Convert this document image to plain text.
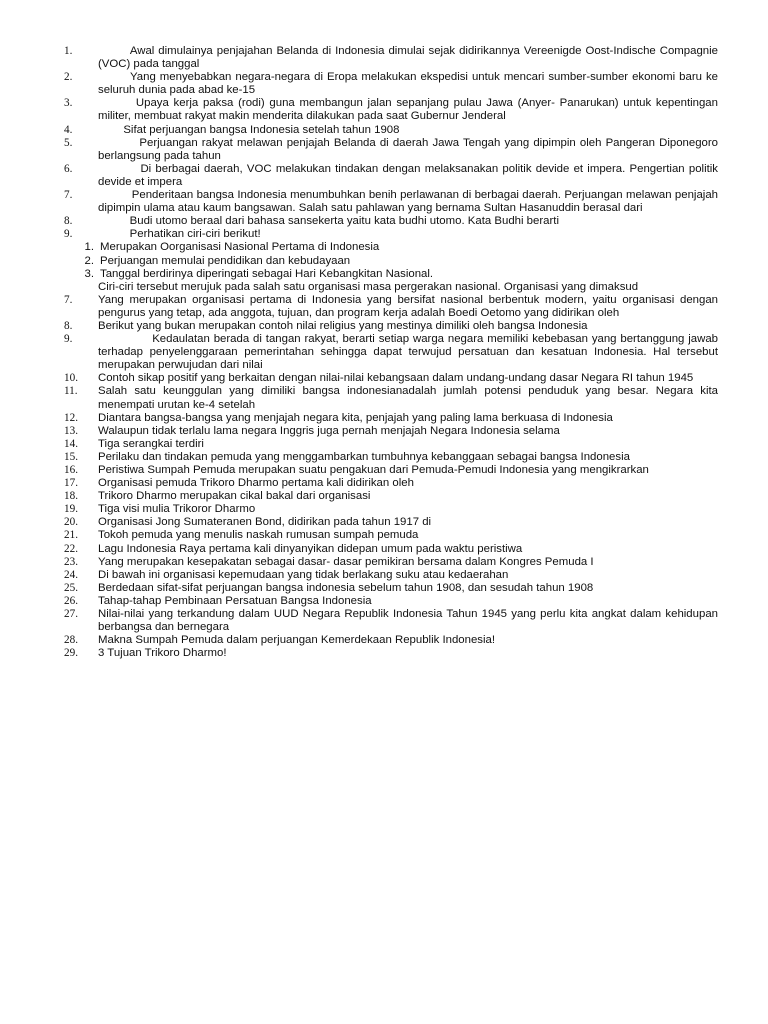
1.	Awal dimulainya penjajahan Belanda di Indonesia dimulai sejak didirikannya Vereenigde Oost-Indische Compagnie (VOC) pada tanggal
2.	Yang menyebabkan negara-negara di Eropa melakukan ekspedisi untuk mencari sumber-sumber ekonomi baru ke seluruh dunia pada abad ke-15
3.	Upaya kerja paksa (rodi) guna membangun jalan sepanjang pulau Jawa (Anyer- Panarukan) untuk kepentingan militer, membuat rakyat makin menderita dilakukan pada saat Gubernur Jenderal
4.	Sifat perjuangan bangsa Indonesia setelah tahun 1908
5.	Perjuangan rakyat melawan penjajah Belanda di daerah Jawa Tengah yang dipimpin oleh Pangeran Diponegoro berlangsung pada tahun
6.	Di berbagai daerah, VOC melakukan tindakan dengan melaksanakan politik devide et impera. Pengertian politik devide et impera
7.	Penderitaan bangsa Indonesia menumbuhkan benih perlawanan di berbagai daerah. Perjuangan melawan penjajah dipimpin ulama atau kaum bangsawan. Salah satu pahlawan yang bernama Sultan Hasanuddin berasal dari
8.	Budi utomo beraal dari bahasa sansekerta yaitu kata budhi utomo. Kata Budhi berarti
9.	Perhatikan ciri-ciri berikut!
1. Merupakan Oorganisasi Nasional Pertama di Indonesia
2. Perjuangan memulai pendidikan dan kebudayaan
3. Tanggal berdirinya diperingati sebagai Hari Kebangkitan Nasional.
Ciri-ciri tersebut merujuk pada salah satu organisasi masa pergerakan nasional. Organisasi yang dimaksud
7.	Yang merupakan organisasi pertama di Indonesia yang bersifat nasional berbentuk modern, yaitu organisasi dengan pengurus yang tetap, ada anggota, tujuan, dan program kerja adalah Boedi Oetomo yang didirikan oleh
8.	Berikut yang bukan merupakan contoh nilai religius yang mestinya dimiliki oleh bangsa Indonesia
9.	Kedaulatan berada di tangan rakyat, berarti setiap warga negara memiliki kebebasan yang bertanggung jawab terhadap penyelenggaraan pemerintahan sehingga dapat terwujud persatuan dan kesatuan Indonesia. Hal tersebut merupakan perwujudan dari nilai
10.	Contoh sikap positif yang berkaitan dengan nilai-nilai kebangsaan dalam undang-undang dasar Negara RI tahun 1945
11.	Salah satu keunggulan yang dimiliki bangsa indonesianadalah jumlah potensi penduduk yang besar. Negara kita menempati urutan ke-4 setelah
12.	Diantara bangsa-bangsa yang menjajah negara kita, penjajah yang paling lama berkuasa di Indonesia
13.	Walaupun tidak terlalu lama negara Inggris juga pernah menjajah Negara Indonesia selama
14.	Tiga serangkai terdiri
15.	Perilaku dan tindakan pemuda yang menggambarkan tumbuhnya kebanggaan sebagai bangsa Indonesia
16.	Peristiwa Sumpah Pemuda merupakan suatu pengakuan dari Pemuda-Pemudi Indonesia yang mengikrarkan
17.	Organisasi pemuda Trikoro Dharmo pertama kali didirikan oleh
18.	Trikoro Dharmo merupakan cikal bakal dari organisasi
19.	Tiga visi mulia Trikoror Dharmo
20.	Organisasi Jong Sumateranen Bond, didirikan pada tahun 1917 di
21.	Tokoh pemuda yang menulis naskah rumusan sumpah pemuda
22.	Lagu Indonesia Raya pertama kali dinyanyikan didepan umum pada waktu peristiwa
23.	Yang merupakan kesepakatan sebagai dasar- dasar pemikiran bersama dalam Kongres Pemuda I
24.	Di bawah ini organisasi kepemudaan yang tidak berlakang suku atau kedaerahan
25.	Berdedaan sifat-sifat perjuangan bangsa indonesia sebelum tahun 1908, dan sesudah tahun 1908
26.	Tahap-tahap Pembinaan Persatuan Bangsa Indonesia
27.	Nilai-nilai yang terkandung dalam UUD Negara Republik Indonesia Tahun 1945 yang perlu kita angkat dalam kehidupan berbangsa dan bernegara
28.	Makna Sumpah Pemuda dalam perjuangan Kemerdekaan Republik Indonesia!
29.	3 Tujuan Trikoro Dharmo!
